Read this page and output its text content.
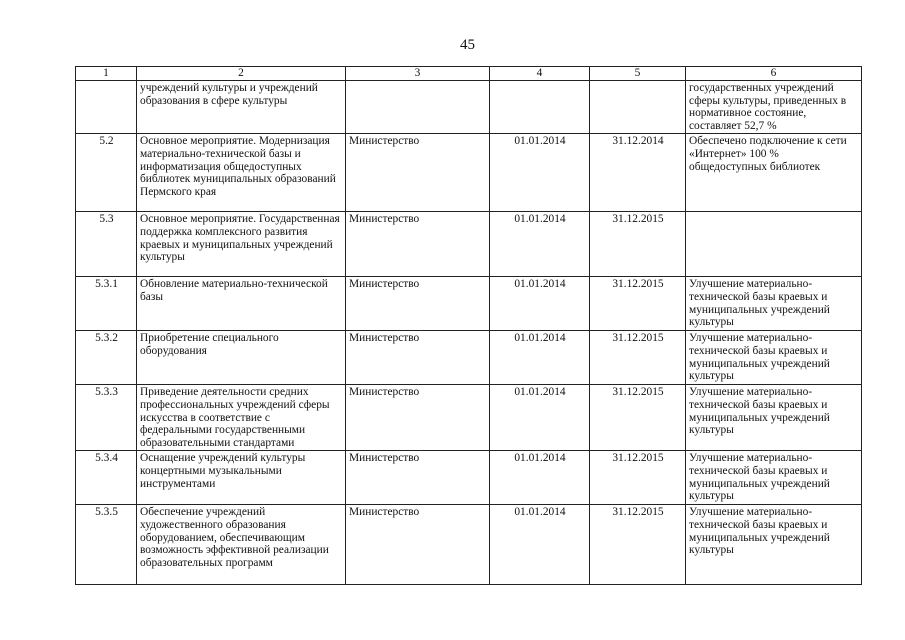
45
1	2	3	4	5	6
	учреждений культуры и учреждений образования в сфере культуры				государственных учреждений сферы культуры, приведенных в нормативное состояние, составляет 52,7 %
5.2	Основное мероприятие. Модернизация материально-технической базы и информатизация общедоступных библиотек муниципальных образований Пермского края	Министерство	01.01.2014	31.12.2014	Обеспечено подключение к сети «Интернет» 100 % общедоступных библиотек
5.3	Основное мероприятие. Государственная поддержка комплексного развития краевых и муниципальных учреждений культуры	Министерство	01.01.2014	31.12.2015	
5.3.1	Обновление материально-технической базы	Министерство	01.01.2014	31.12.2015	Улучшение материально-технической базы краевых и муниципальных учреждений культуры
5.3.2	Приобретение специального оборудования	Министерство	01.01.2014	31.12.2015	Улучшение материально-технической базы краевых и муниципальных учреждений культуры
5.3.3	Приведение деятельности средних профессиональных учреждений сферы искусства в соответствие с федеральными государственными образовательными стандартами	Министерство	01.01.2014	31.12.2015	Улучшение материально-технической базы краевых и муниципальных учреждений культуры
5.3.4	Оснащение учреждений культуры концертными музыкальными инструментами	Министерство	01.01.2014	31.12.2015	Улучшение материально-технической базы краевых и муниципальных учреждений культуры
5.3.5	Обеспечение учреждений художественного образования оборудованием, обеспечивающим возможность эффективной реализации образовательных программ	Министерство	01.01.2014	31.12.2015	Улучшение материально-технической базы краевых и муниципальных учреждений культуры
